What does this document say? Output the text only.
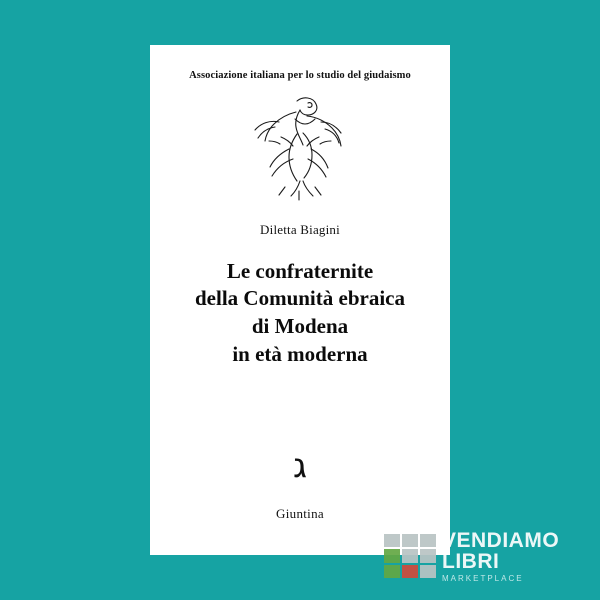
Associazione italiana per lo studio del giudaismo
Diletta Biagini
Le confraternite
della Comunità ebraica
di Modena
in età moderna
ג
Giuntina
VENDIAMO
LIBRI
MARKETPLACE
